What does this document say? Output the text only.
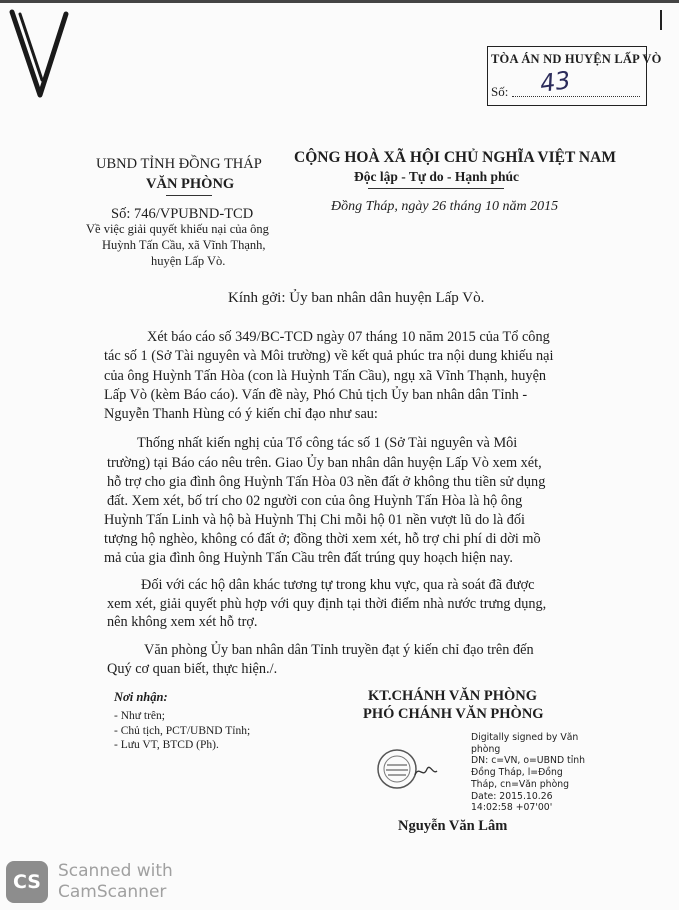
TÒA ÁN ND HUYỆN LẤP VÒ
Số: 43
UBND TỈNH ĐỒNG THÁP
VĂN PHÒNG
CỘNG HOÀ XÃ HỘI CHỦ NGHĨA VIỆT NAM
Độc lập - Tự do - Hạnh phúc
Số: 746/VPUBND-TCD	Đồng Tháp, ngày 26 tháng 10 năm 2015
Về việc giải quyết khiếu nại của ông
Huỳnh Tấn Cầu, xã Vĩnh Thạnh,
huyện Lấp Vò.
Kính gởi: Ủy ban nhân dân huyện Lấp Vò.
Xét báo cáo số 349/BC-TCD ngày 07 tháng 10 năm 2015 của Tổ công
tác số 1 (Sở Tài nguyên và Môi trường) về kết quả phúc tra nội dung khiếu nại
của ông Huỳnh Tấn Hòa (con là Huỳnh Tấn Cầu), ngụ xã Vĩnh Thạnh, huyện
Lấp Vò (kèm Báo cáo). Vấn đề này, Phó Chủ tịch Ủy ban nhân dân Tỉnh -
Nguyễn Thanh Hùng có ý kiến chỉ đạo như sau:
Thống nhất kiến nghị của Tổ công tác số 1 (Sở Tài nguyên và Môi
trường) tại Báo cáo nêu trên. Giao Ủy ban nhân dân huyện Lấp Vò xem xét,
hỗ trợ cho gia đình ông Huỳnh Tấn Hòa 03 nền đất ở không thu tiền sử dụng
đất. Xem xét, bố trí cho 02 người con của ông Huỳnh Tấn Hòa là hộ ông
Huỳnh Tấn Linh và hộ bà Huỳnh Thị Chi mỗi hộ 01 nền vượt lũ do là đối
tượng hộ nghèo, không có đất ở; đồng thời xem xét, hỗ trợ chi phí di dời mồ
mả của gia đình ông Huỳnh Tấn Cầu trên đất trúng quy hoạch hiện nay.
Đối với các hộ dân khác tương tự trong khu vực, qua rà soát đã được
xem xét, giải quyết phù hợp với quy định tại thời điểm nhà nước trưng dụng,
nên không xem xét hỗ trợ.
Văn phòng Ủy ban nhân dân Tỉnh truyền đạt ý kiến chỉ đạo trên đến
Quý cơ quan biết, thực hiện./.
Nơi nhận:
- Như trên;
- Chủ tịch, PCT/UBND Tỉnh;
- Lưu VT, BTCD (Ph).
KT.CHÁNH VĂN PHÒNG
PHÓ CHÁNH VĂN PHÒNG
Digitally signed by Văn
phòng
DN: c=VN, o=UBND tỉnh
Đồng Tháp, l=Đồng
Tháp, cn=Văn phòng
Date: 2015.10.26
14:02:58 +07'00'
Nguyễn Văn Lâm
CS	Scanned with
CamScanner
